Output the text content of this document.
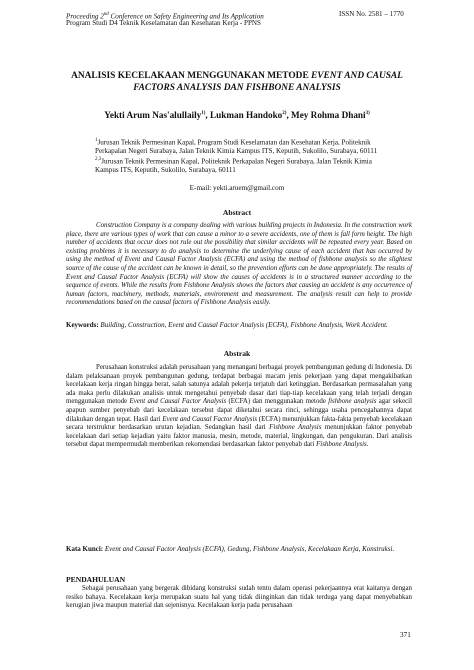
Proceeding 2nd Conference on Safety Engineering and Its Application	ISSN No. 2581 – 1770
Program Studi D4 Teknik Keselamatan dan Kesehatan Kerja - PPNS
ANALISIS KECELAKAAN MENGGUNAKAN METODE EVENT AND CAUSAL
FACTORS ANALYSIS DAN FISHBONE ANALYSIS
Yekti Arum Nas'alullaily$^{1)}$, Lukman Handoko$^{2)}$, Mey Rohma Dhani$^{3)}$
$^1$Jurusan Teknik Permesinan Kapal, Program Studi Keselamatan dan Kesehatan Kerja, Politeknik Perkapalan Negeri Surabaya, Jalan Teknik Kimia Kampus ITS, Keputih, Sukolilo, Surabaya, 60111
$^{2,3}$Jurusan Teknik Permesinan Kapal, Politeknik Perkapalan Negeri Surabaya, Jalan Teknik Kimia Kampus ITS, Keputih, Sukolilo, Surabaya, 60111
E-mail: yekti.aruem@gmail.com
Abstract
Construction Company is a company dealing with various building projects in Indonesia. In the construction work place, there are various types of work that can cause a minor to a severe accidents, one of them is fall form height. The high number of accidents that occur does not rule out the possibility that similar accidents will be repeated every year. Based on existing problems it is necessary to do analysis to determine the underlying cause of each accident that has occurred by using the method of Event and Causal Factor Analysis (ECFA) and using the method of fishbone analysis so the slightest source of the cause of the accident can be known in detail, so the prevention efforts can be done appropriately. The results of Event and Causal Factor Analysis (ECFA) will show the causes of accidents is in a structured manner according to the sequence of events. While the results from Fishbone Analysis shows the factors that causing an accident is any occurrence of human factors, machinery, methods, materials, environment and measurement. The analysis result can help to provide recommendations based on the causal factors of Fishbone Analysis easily.
Keywords: Building, Construction, Event and Causal Factor Analysis (ECFA), Fishbone Analysis, Work Accident.
Abstrak
Perusahaan konstruksi adalah perusahaan yang menangani berbagai proyek pembangunan gedung di Indonesia. Di dalam pelaksanaan proyek pembangunan gedung, terdapat berbagai macam jenis pekerjaan yang dapat mengakibatkan kecelakaan kerja ringan hingga berat, salah satunya adalah pekerja terjatuh dari ketinggian. Berdasarkan permasalahan yang ada maka perlu dilakukan analisis untuk mengetahui penyebab dasar dari tiap-tiap kecelakaan yang telah terjadi dengan menggunakan metode Event and Causal Factor Analysis (ECFA) dan menggunakan metode fishbone analysis agar sekecil apapun sumber penyebab dari kecelakaan tersebut dapat diketahui secara rinci, sehingga usaha pencegahannya dapat dilakukan dengan tepat. Hasil dari Event and Causal Factor Analysis (ECFA) menunjukkan fakta-fakta penyebab kecelakaan secara terstruktur berdasarkan urutan kejadian. Sedangkan hasil dari Fishbone Analysis menunjukkan faktor penyebab kecelakaan dari setiap kejadian yaitu faktor manusia, mesin, metode, material, lingkungan, dan pengukuran. Dari analisis tersebut dapat mempermudah memberikan rekomendasi berdasarkan faktor penyebab dari Fishbone Analysis.
Kata Kunci: Event and Causal Factor Analysis (ECFA), Gedung, Fishbone Analysis, Kecelakaan Kerja, Konstruksi.
PENDAHULUAN
Sebagai perusahaan yang bergerak dibidang konstruksi sudah tentu dalam operasi pekerjaannya erat kaitanya dengan resiko bahaya. Kecelakaan kerja merupakan suatu hal yang tidak diinginkan dan tidak terduga yang dapat menyebabkan kerugian jiwa maupun material dan sejenisnya. Kecelakaan kerja pada perusahaan
371
